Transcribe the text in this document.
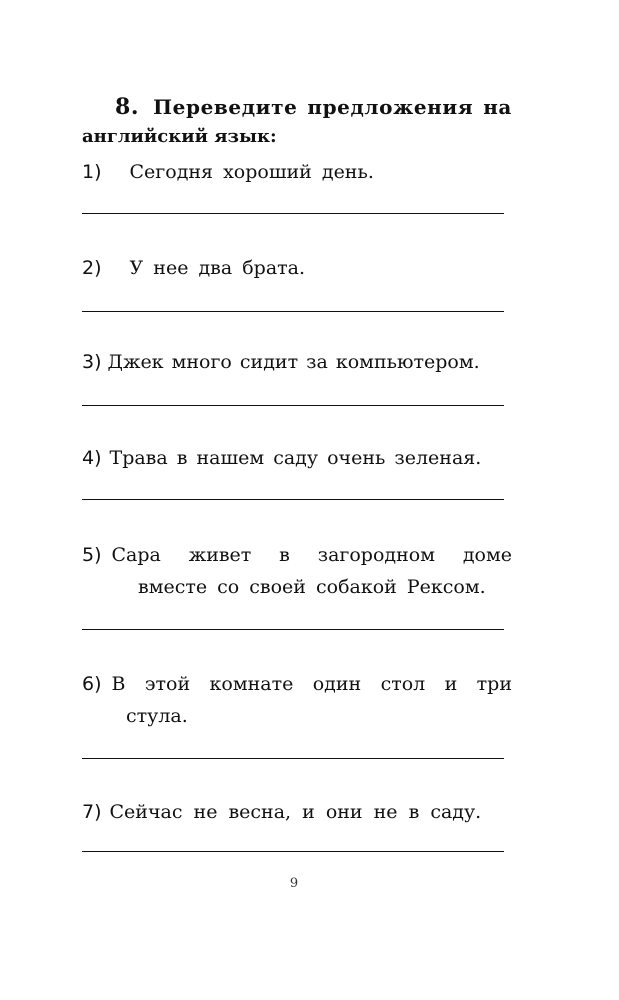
8. Переведите предложения на
английский язык:
1)	Сегодня хороший день.
2)	У нее два брата.
3) Джек много сидит за компьютером.
4) Трава в нашем саду очень зеленая.
5) Сара живет в загородном доме
вместе со своей собакой Рексом.
6) В этой комнате один стол и три
стула.
7) Сейчас не весна, и они не в саду.
9
